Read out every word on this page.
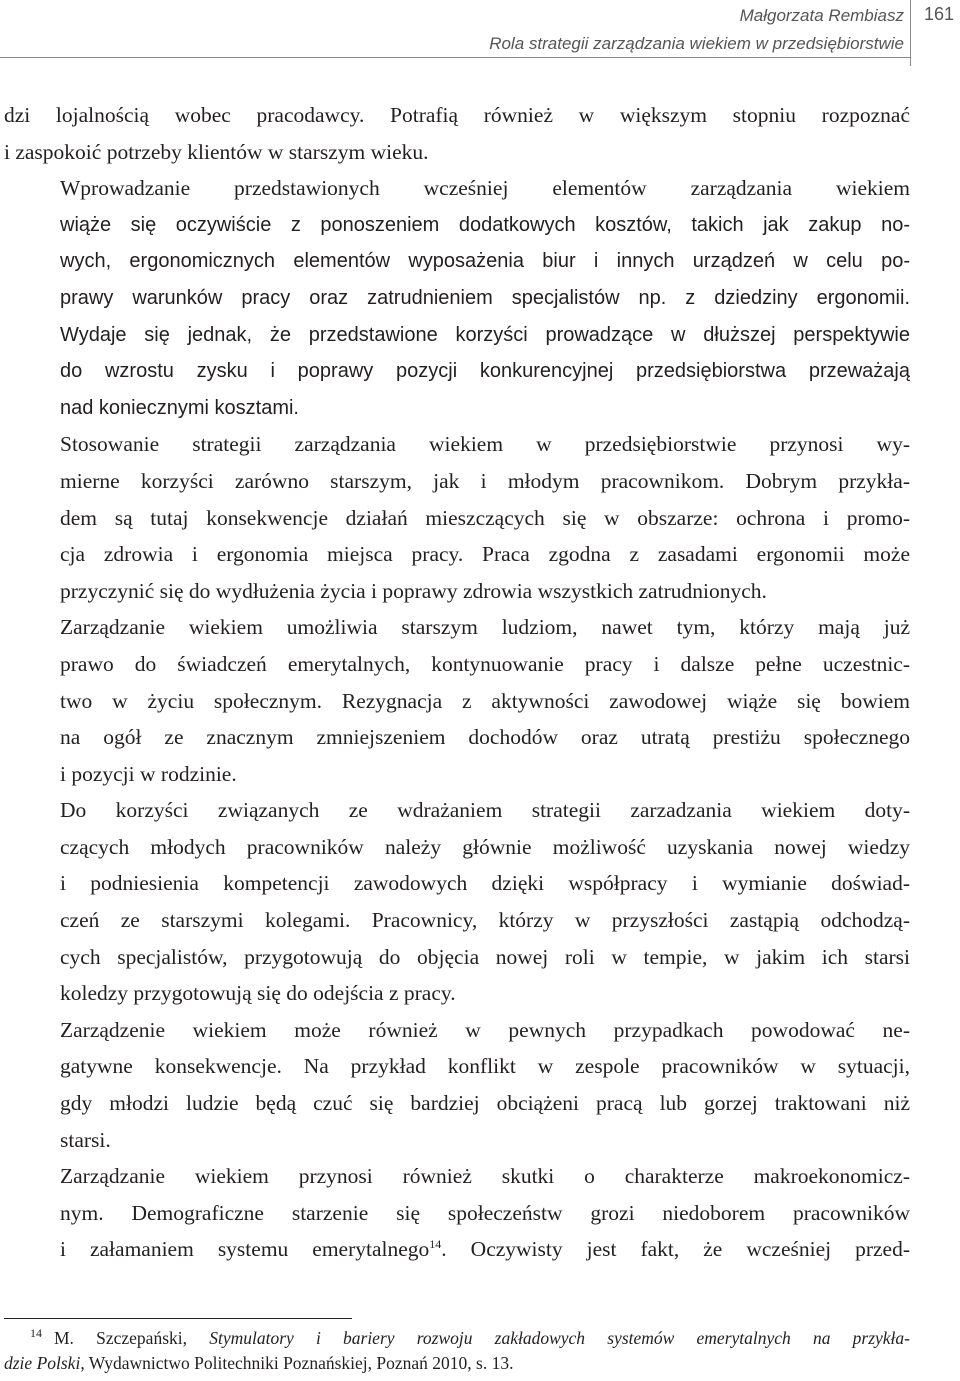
Małgorzata Rembiasz
Rola strategii zarządzania wiekiem w przedsiębiorstwie
161

dzi lojalnością wobec pracodawcy. Potrafią również w większym stopniu rozpoznać
i zaspokoić potrzeby klientów w starszym wieku.

Wprowadzanie przedstawionych wcześniej elementów zarządzania wiekiem
wiąże się oczywiście z ponoszeniem dodatkowych kosztów, takich jak zakup no-
wych, ergonomicznych elementów wyposażenia biur i innych urządzeń w celu po-
prawy warunków pracy oraz zatrudnieniem specjalistów np. z dziedziny ergonomii.
Wydaje się jednak, że przedstawione korzyści prowadzące w dłuższej perspektywie
do wzrostu zysku i poprawy pozycji konkurencyjnej przedsiębiorstwa przeważają
nad koniecznymi kosztami.

Stosowanie strategii zarządzania wiekiem w przedsiębiorstwie przynosi wy-
mierne korzyści zarówno starszym, jak i młodym pracownikom. Dobrym przykła-
dem są tutaj konsekwencje działań mieszczących się w obszarze: ochrona i promo-
cja zdrowia i ergonomia miejsca pracy. Praca zgodna z zasadami ergonomii może
przyczynić się do wydłużenia życia i poprawy zdrowia wszystkich zatrudnionych.

Zarządzanie wiekiem umożliwia starszym ludziom, nawet tym, którzy mają już
prawo do świadczeń emerytalnych, kontynuowanie pracy i dalsze pełne uczestnic-
two w życiu społecznym. Rezygnacja z aktywności zawodowej wiąże się bowiem
na ogół ze znacznym zmniejszeniem dochodów oraz utratą prestiżu społecznego
i pozycji w rodzinie.

Do korzyści związanych ze wdrażaniem strategii zarzadzania wiekiem doty-
czących młodych pracowników należy głównie możliwość uzyskania nowej wiedzy
i podniesienia kompetencji zawodowych dzięki współpracy i wymianie doświad-
czeń ze starszymi kolegami. Pracownicy, którzy w przyszłości zastąpią odchodzą-
cych specjalistów, przygotowują do objęcia nowej roli w tempie, w jakim ich starsi
koledzy przygotowują się do odejścia z pracy.

Zarządzenie wiekiem może również w pewnych przypadkach powodować ne-
gatywne konsekwencje. Na przykład konflikt w zespole pracowników w sytuacji,
gdy młodzi ludzie będą czuć się bardziej obciążeni pracą lub gorzej traktowani niż
starsi.

Zarządzanie wiekiem przynosi również skutki o charakterze makroekonomicz-
nym. Demograficzne starzenie się społeczeństw grozi niedoborem pracowników
i załamaniem systemu emerytalnego$^{14}$. Oczywisty jest fakt, że wcześniej przed-

$^{14}$ M. Szczepański, Stymulatory i bariery rozwoju zakładowych systemów emerytalnych na przykła-
dzie Polski, Wydawnictwo Politechniki Poznańskiej, Poznań 2010, s. 13.
